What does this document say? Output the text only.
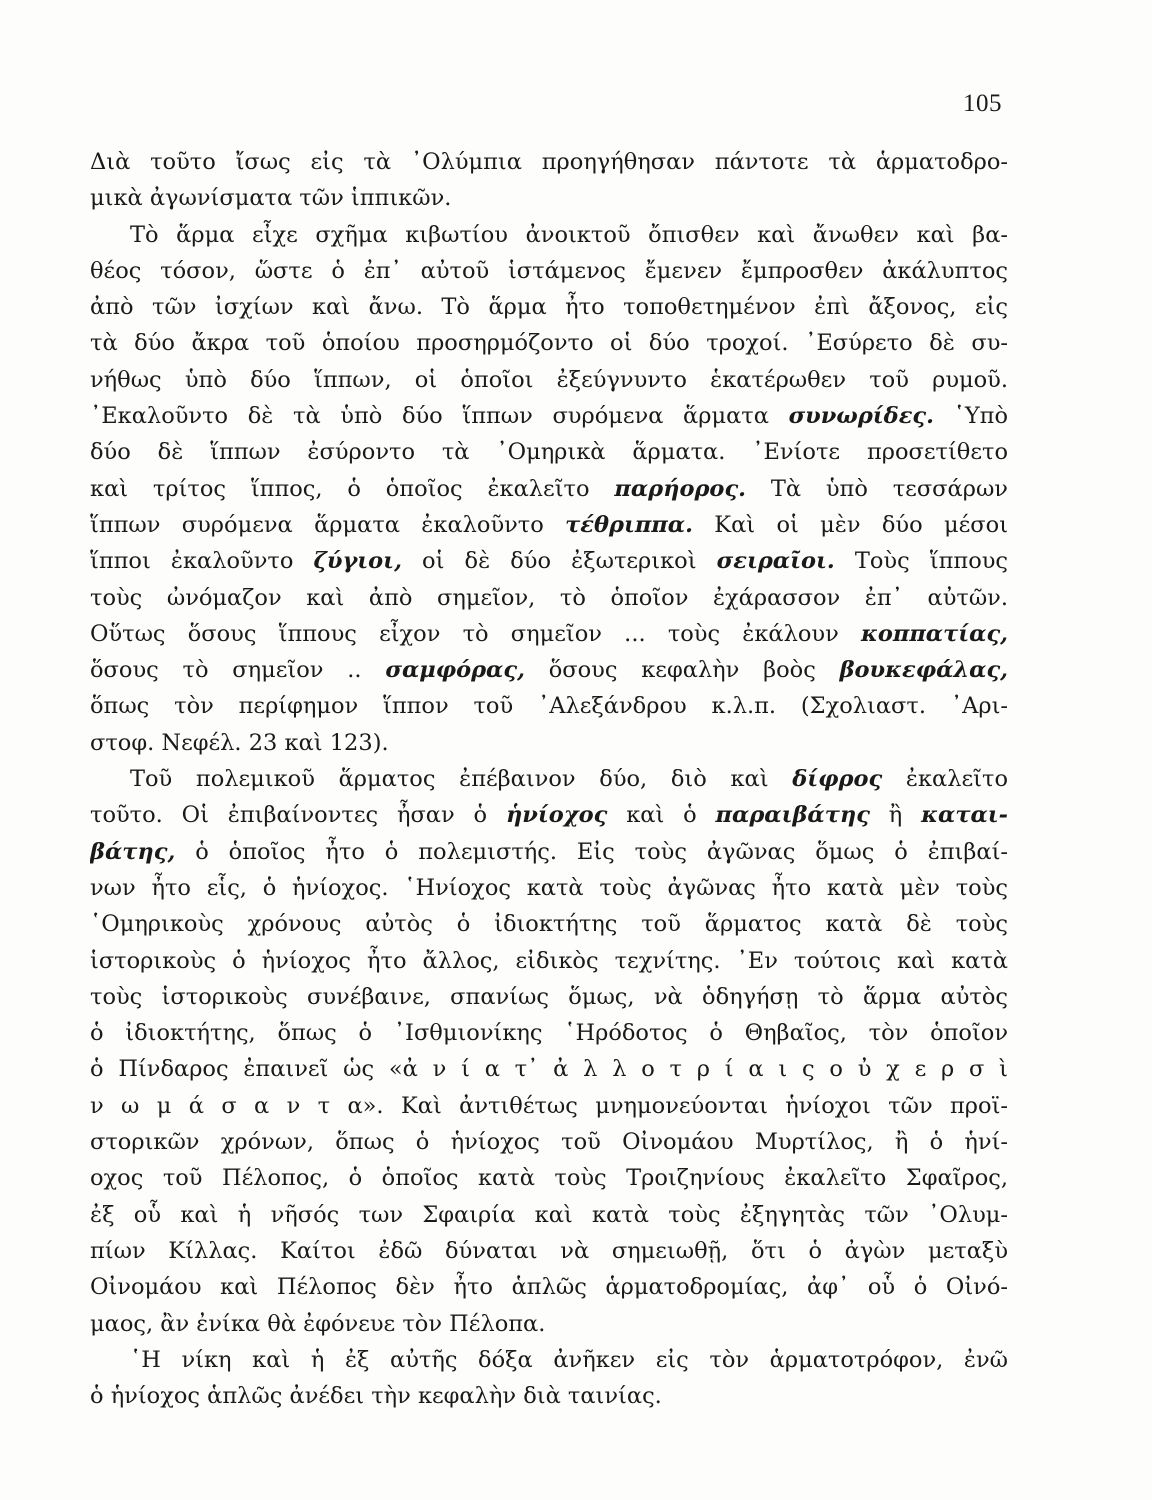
105
Διὰ τοῦτο ἴσως εἰς τὰ ᾿Ολύμπια προηγήθησαν πάντοτε τὰ ἁρματοδρο-
μικὰ ἀγωνίσματα τῶν ἱππικῶν.
Τὸ ἅρμα εἶχε σχῆμα κιβωτίου ἀνοικτοῦ ὄπισθεν καὶ ἄνωθεν καὶ βα-
θέος τόσον, ὥστε ὁ ἐπ᾿ αὐτοῦ ἱστάμενος ἔμενεν ἔμπροσθεν ἀκάλυπτος
ἀπὸ τῶν ἰσχίων καὶ ἄνω. Τὸ ἅρμα ἦτο τοποθετημένον ἐπὶ ἄξονος, εἰς
τὰ δύο ἄκρα τοῦ ὁποίου προσηρμόζοντο οἱ δύο τροχοί. ᾿Εσύρετο δὲ συ-
νήθως ὑπὸ δύο ἵππων, οἱ ὁποῖοι ἐξεύγνυντο ἑκατέρωθεν τοῦ ρυμοῦ.
᾿Εκαλοῦντο δὲ τὰ ὑπὸ δύο ἵππων συρόμενα ἅρματα συνωρίδες. ῾Υπὸ
δύο δὲ ἵππων ἐσύροντο τὰ ᾿Ομηρικὰ ἅρματα. ᾿Ενίοτε προσετίθετο
καὶ τρίτος ἵππος, ὁ ὁποῖος ἐκαλεῖτο παρήορος. Τὰ ὑπὸ τεσσάρων
ἵππων συρόμενα ἅρματα ἐκαλοῦντο τέθριππα. Καὶ οἱ μὲν δύο μέσοι
ἵπποι ἐκαλοῦντο ζύγιοι, οἱ δὲ δύο ἐξωτερικοὶ σειραῖοι. Τοὺς ἵππους
τοὺς ὠνόμαζον καὶ ἀπὸ σημεῖον, τὸ ὁποῖον ἐχάρασσον ἐπ᾿ αὐτῶν.
Οὕτως ὅσους ἵππους εἶχον τὸ σημεῖον ... τοὺς ἐκάλουν κοππατίας,
ὅσους τὸ σημεῖον .. σαμφόρας, ὅσους κεφαλὴν βοὸς βουκεφάλας,
ὅπως τὸν περίφημον ἵππον τοῦ ᾿Αλεξάνδρου κ.λ.π. (Σχολιαστ. ᾿Αρι-
στοφ. Νεφέλ. 23 καὶ 123).
Τοῦ πολεμικοῦ ἅρματος ἐπέβαινον δύο, διὸ καὶ δίφρος ἐκαλεῖτο
τοῦτο. Οἱ ἐπιβαίνοντες ἦσαν ὁ ἡνίοχος καὶ ὁ παραιβάτης ἢ καται-
βάτης, ὁ ὁποῖος ἦτο ὁ πολεμιστής. Εἰς τοὺς ἀγῶνας ὅμως ὁ ἐπιβαί-
νων ἦτο εἷς, ὁ ἡνίοχος. ῾Ηνίοχος κατὰ τοὺς ἀγῶνας ἦτο κατὰ μὲν τοὺς
῾Ομηρικοὺς χρόνους αὐτὸς ὁ ἰδιοκτήτης τοῦ ἅρματος κατὰ δὲ τοὺς
ἱστορικοὺς ὁ ἡνίοχος ἦτο ἄλλος, εἰδικὸς τεχνίτης. ᾿Εν τούτοις καὶ κατὰ
τοὺς ἱστορικοὺς συνέβαινε, σπανίως ὅμως, νὰ ὁδηγήσῃ τὸ ἅρμα αὐτὸς
ὁ ἰδιοκτήτης, ὅπως ὁ ᾿Ισθμιονίκης ῾Ηρόδοτος ὁ Θηβαῖος, τὸν ὁποῖον
ὁ Πίνδαρος ἐπαινεῖ ὡς «ἀ ν ί α τ᾿ ἀ λ λ ο τ ρ ί α ι ς ο ὐ χ ε ρ σ ὶ
ν ω μ ά σ α ν τ α». Καὶ ἀντιθέτως μνημονεύονται ἡνίοχοι τῶν προϊ-
στορικῶν χρόνων, ὅπως ὁ ἡνίοχος τοῦ Οἰνομάου Μυρτίλος, ἢ ὁ ἡνί-
οχος τοῦ Πέλοπος, ὁ ὁποῖος κατὰ τοὺς Τροιζηνίους ἐκαλεῖτο Σφαῖρος,
ἐξ οὗ καὶ ἡ νῆσός των Σφαιρία καὶ κατὰ τοὺς ἐξηγητὰς τῶν ᾿Ολυμ-
πίων Κίλλας. Καίτοι ἐδῶ δύναται νὰ σημειωθῇ, ὅτι ὁ ἀγὼν μεταξὺ
Οἰνομάου καὶ Πέλοπος δὲν ἦτο ἁπλῶς ἁρματοδρομίας, ἀφ᾿ οὗ ὁ Οἰνό-
μαος, ἂν ἐνίκα θὰ ἐφόνευε τὸν Πέλοπα.
῾Η νίκη καὶ ἡ ἐξ αὐτῆς δόξα ἀνῆκεν εἰς τὸν ἁρματοτρόφον, ἐνῶ
ὁ ἡνίοχος ἁπλῶς ἀνέδει τὴν κεφαλὴν διὰ ταινίας.
